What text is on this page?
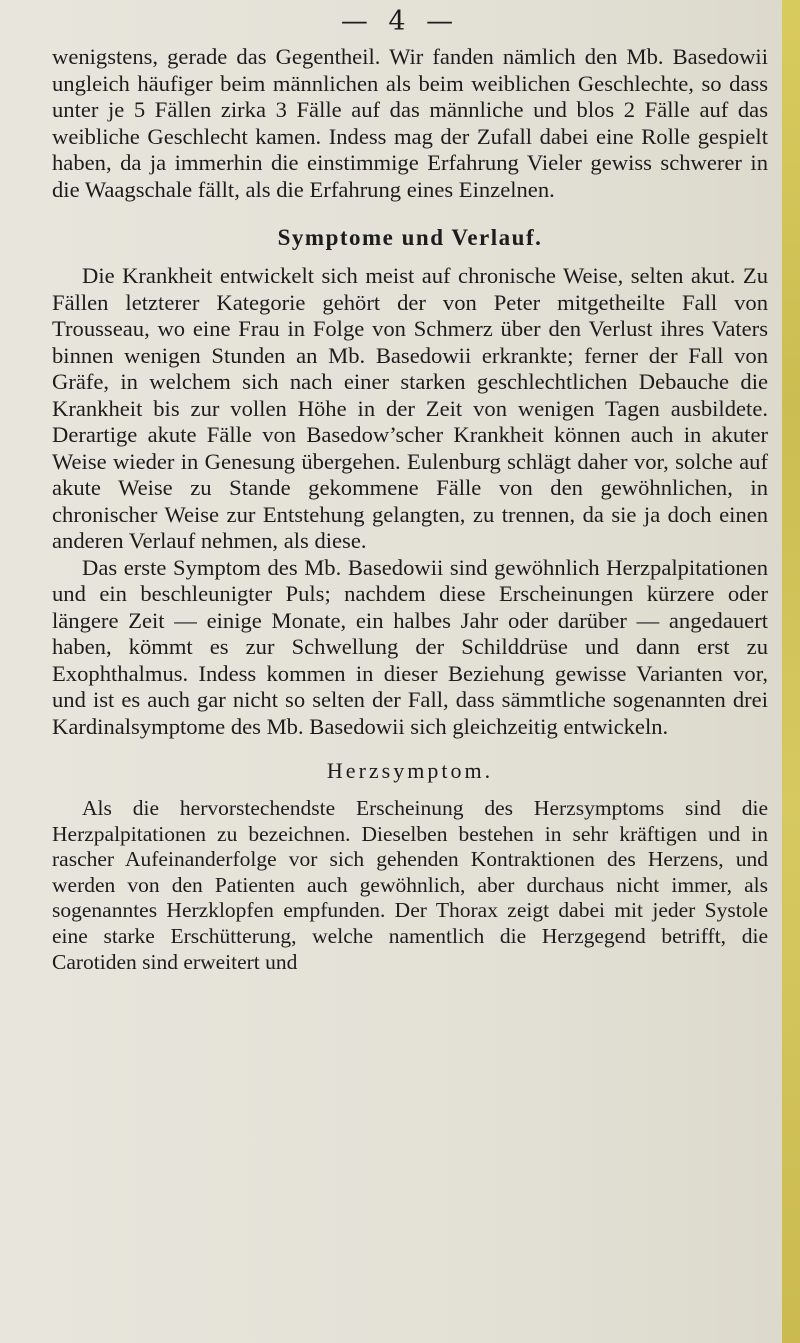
— 4 —

wenigstens, gerade das Gegentheil. Wir fanden nämlich den Mb. Basedowii ungleich häufiger beim männlichen als beim weiblichen Geschlechte, so dass unter je 5 Fällen zirka 3 Fälle auf das männliche und blos 2 Fälle auf das weibliche Geschlecht kamen. Indess mag der Zufall dabei eine Rolle gespielt haben, da ja immerhin die einstimmige Erfahrung Vieler gewiss schwerer in die Waagschale fällt, als die Erfahrung eines Einzelnen.

Symptome und Verlauf.

Die Krankheit entwickelt sich meist auf chronische Weise, selten akut. Zu Fällen letzterer Kategorie gehört der von Peter mitgetheilte Fall von Trousseau, wo eine Frau in Folge von Schmerz über den Verlust ihres Vaters binnen wenigen Stunden an Mb. Basedowii erkrankte; ferner der Fall von Gräfe, in welchem sich nach einer starken geschlechtlichen Debauche die Krankheit bis zur vollen Höhe in der Zeit von wenigen Tagen ausbildete. Derartige akute Fälle von Basedow’scher Krankheit können auch in akuter Weise wieder in Genesung übergehen. Eulenburg schlägt daher vor, solche auf akute Weise zu Stande gekommene Fälle von den gewöhnlichen, in chronischer Weise zur Entstehung gelangten, zu trennen, da sie ja doch einen anderen Verlauf nehmen, als diese.

Das erste Symptom des Mb. Basedowii sind gewöhnlich Herzpalpitationen und ein beschleunigter Puls; nachdem diese Erscheinungen kürzere oder längere Zeit — einige Monate, ein halbes Jahr oder darüber — angedauert haben, kömmt es zur Schwellung der Schilddrüse und dann erst zu Exophthalmus. Indess kommen in dieser Beziehung gewisse Varianten vor, und ist es auch gar nicht so selten der Fall, dass sämmtliche sogenannten drei Kardinalsymptome des Mb. Basedowii sich gleichzeitig entwickeln.

Herzsymptom.

Als die hervorstechendste Erscheinung des Herzsymptoms sind die Herzpalpitationen zu bezeichnen. Dieselben bestehen in sehr kräftigen und in rascher Aufeinanderfolge vor sich gehenden Kontraktionen des Herzens, und werden von den Patienten auch gewöhnlich, aber durchaus nicht immer, als sogenanntes Herzklopfen empfunden. Der Thorax zeigt dabei mit jeder Systole eine starke Erschütterung, welche namentlich die Herzgegend betrifft, die Carotiden sind erweitert und
